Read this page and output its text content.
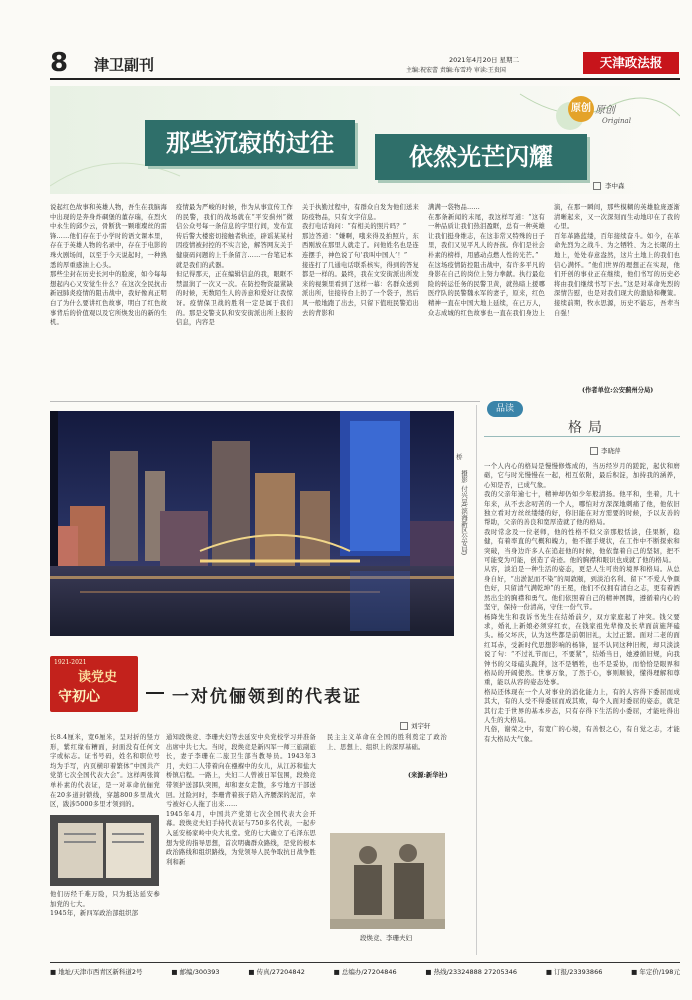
8 津卫副刊	2021年4月20日 星期二
主编:祝宏蕾 责编:布雪玲 审读:王贵国
天津政法报
那些沉寂的过往	依然光芒闪耀
原创 原创
Original
李中森
说起红色故事和英雄人物，吾生在我脑海中出现的是奔身炸碉堡的董存瑞，在烈火中永生的邱少云，骨断犹一颗璀璨丝的雷锋……他们存在于小学时的语文课本里，存在于英雄人物的名录中，存在于电影的珠火剧场间，以至于今天说起时，一种熟悉的厚重感油上心头。
那些尘封在历史长河中的脸庞，如今每每想起内心又安觉生什么？在这次全民抗击新冠肺炎疫情的阻击战中，我好像真正明白了为什么要讲红色故事，明白了红色故事背后的价值观以及它所焕发出的新的生机。
疫情最为严峻的时候，作为从事宣传工作的民警，我们的战场就在“平安蓟州”微信公众号每一条信息的字里行间，发布宣传后警大楼密切接触者轨迹，辟谣某某村因疫情被封控的不实言论，解答网友关于健康码问题的上千条留言……一台笔记本就是我们的武器。
但记得那天，正在编辑信息的我，眼眶不禁温润了一次又一次。在防控物资最紧缺的时候，无数陌生人的善意和爱好让我惊讶。疫情保卫战的胜利一定是属于我们的。那是交警支队和安安街派出所上报的信息，内容是
关于执勤过程中，有群众自发为他们送来防疫物品，只有文字信息。
我打电话询问：“有相关的照片吗？”
那边答道：“嫌啊，哦来得及拍照片，东西刚放在那里人就走了。问他姓名也是连连摆手，神色说了句‘我叫中国人’！”
接连打了几通电话联系核实，得到的答复都是一样的。最终，我在文安街派出所发来的视频里看到了这样一幕：名群众送到派出所，往接待台上扔了一个袋子，然后风一般地跑了出去，只留下值班民警追出去的背影和
满满一袋物品……
在那条新闻的末尾，我这样写道：“这有一种品质让我们热泪盈眶，总有一种英雄让我们挺身维志，在这非常又特殊的日子里，我们又见平凡人的吾孩。你们是社会朴素的榜样，用感动点燃人性的光芒。”
在这场疫情防控阻击战中，有许多平凡的身影在自己的岗位上努力拳献。执行最危险的转运任务的民警卫黄，就热暗上援哪医疗队的民警魏永军的妻子，原来，红色精神一直在中国大地上延续，在已万人，众志成城的红色故事也一直在我们身边上
演，在那一瞬间，那些模糊的英雄脸庞逐渐清晰起来，又一次深刻而生动地印在了我的心里。
百年革路蓝缕，百年接续奋斗。如今，在革命先烈为之战斗、为之牺牲、为之长眠的土地上，处处春意盎然，这片土地上的我们也信心满怀。“他们世界的理想正在实现，他们开创的事业正在继续，他们书写的历史必将由我们继续书写下去。”这是对革命先烈的深情告慰，也是对我们现大的激励和鞭策。接续前期，牧水思源，历史不能忘，吾辈当自强！
(作者单位:公安蓟州分局)
桥
摄影 付兴晃(滨海新区公安局)
品读
格局
李晓萍
一个人内心的格局是慢慢修炼成的，当历经岁月的蹉跎，起伏和磨砺，它与时光慢慢在一起，相互依附，最后积淀，加持我的涵养，心知是否，已成气象。
我的父亲年逾七十，精神却仍如少年般清扬。他平和，坐着，几十年来，从不去念叨苦的一个人，哪怕对方深深地刺痛了他，他依旧独立看对方丝丝缕缕的好，你旧能在对方需要的时候，予以友善的帮助，父亲的善良和宽厚造就了他的格局。
我时常念及一位老师，他的性格不似父亲那般恬淡，佳果断，稳健，有着率直的气概和魄力，他不握手规状，在工作中不断探索和突破，当身边许多人在追赶他的时候，他依靠着自己的坚韧，把不可能变为可能，创造了奇迹。他的胸襟和眼识也成就了他的格局。
从容，淡泊是一种生活的姿态，更是人生可贵的境界和格局。从总身自好，“出淤泥而不染”的周敦颐，到淡泊名利、留下“不爱人争颜色好，只留清气满乾坤”的王冕，他们不仅拥有清白之志，更有着洒然出尘的胸襟和勇气。他们依照着自己的精神图腾，遵循着内心的坚守，保持一份清高，守住一份气节。
杨降先生和我诉书先生在结婚前夕，双方家庭起了冲突。钱父要求，婚礼上新娘必须穿红衣，在钱家祖先辈像及长辈面前施拜磕头。杨父坏庆，认为这些都是前朝旧礼，太过正繁。面对二老的面红耳赤，受新时代思想影响的杨锋，显不认同这种旧规，却只淡淡说了句：“不过礼节而已，不要紧”，结婚当日，她遵循旧规，向我钟书的父母磕头跪拜，这不是牺牲，也不是妥协，而恰恰是眼界和格局的开阔使然。世事万象，了然于心，事则顺彼，懂得理解和尊重，能以从容的姿态处事。
格局还体现在一个人对事业的消化能力上，有的人容得下委屈而成其大，有的人受不得委屈而成其败，每个人面对委屈的姿态，就是其行走于世界的基本步态，只有存得下生活的小委屈，才能吐得出人生的大格局。
凡俗，谢荣之中，有宽广的心境，有善恨之心，有自觉之志，才能有大格局大气象。
1921-2021
读党史
守初心	一对伉俪领到的代表证
刘宇轩
长8.4厘米，宽6厘米，呈对折的竖方形，紫红缘布糟面，封面没有任何文字或标志。证书号码，姓名和职位号均为手写，内页横印着繁体“中国共产党第七次全国代表大会”。这样两张简单朴素的代表证，是一对革命伉俪党在20多道封锁线，穿越800多里战火区，跋涉5000多里才领到的。
他们历经千难万险，只为抵达延安参加党的七大。
1945年，新四军政治部组织部
通知段焕竞、李珊夫妇等去延安中央党校学习并准备出席中共七大。当时，段焕竞是新四军一师三旅副旅长，妻子李珊在二旅卫生部当教导员。1943年3月，夫妇二人带着向在襁褓中的女儿，从江苏和盐大桥镇启程。一路上，夫妇二人曾被日军包围，段焕竞带领护送部队突围，却和妻女走散，多亏地方干部送回。过险河时，李珊背着孩子陪入齐腰深的泥沼，幸亏被好心人拖了出来……
1945年4月，中国共产党第七次全国代表大会开幕。段焕竞夫妇手持代表证与750多名代表，一起步入延安杨家岭中央大礼堂。党的七大确立了毛泽东思想为党的指导思想，首次明确群众路线，是党的根本政治路线和组织路线，为党领导人民争取抗日战争胜利和新
民主主义革命在全国的胜利奠定了政治上、思想上、组织上的深厚基础。
(来源:新华社)
段焕竞、李珊夫妇
■ 地址/天津市西青区新科道2号	■ 邮编/300393	■ 传真/27204842	■ 总编办/27204846	■ 热线/23324888 27205346	■ 订报/23393866	■ 年定价/198元
